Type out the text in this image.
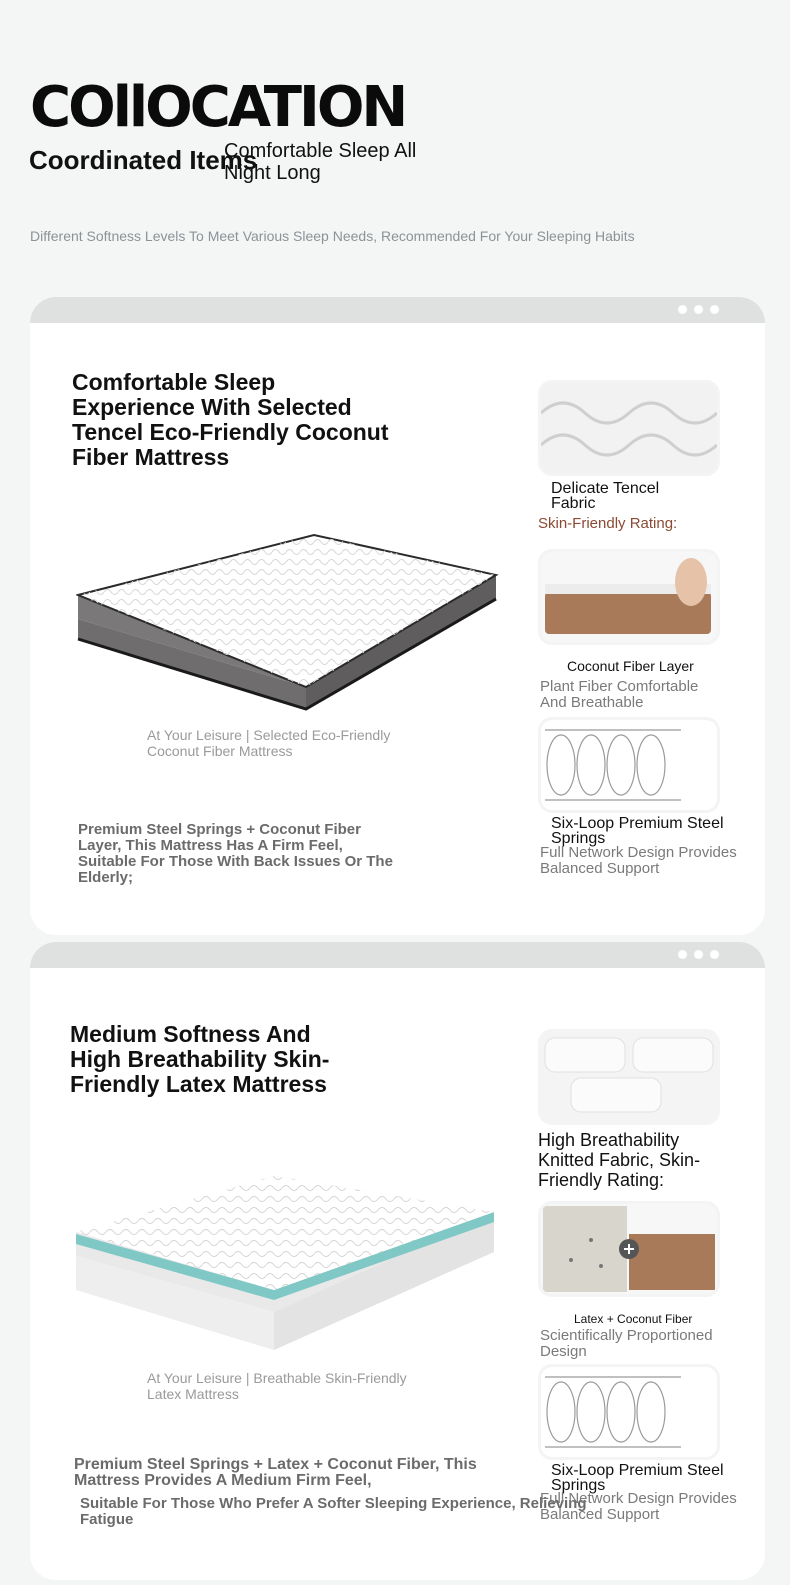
COllOCATION
Coordinated Items
Comfortable Sleep All Night Long
Different Softness Levels To Meet Various Sleep Needs, Recommended For Your Sleeping Habits
Comfortable Sleep Experience With Selected Tencel Eco-Friendly Coconut Fiber Mattress
At Your Leisure | Selected Eco-Friendly Coconut Fiber Mattress
Premium Steel Springs + Coconut Fiber Layer, This Mattress Has A Firm Feel, Suitable For Those With Back Issues Or The Elderly;
Delicate Tencel Fabric
Skin-Friendly Rating:
Coconut Fiber Layer
Plant Fiber Comfortable And Breathable
Six-Loop Premium Steel Springs
Full Network Design Provides Balanced Support
Medium Softness And High Breathability Skin-Friendly Latex Mattress
At Your Leisure | Breathable Skin-Friendly Latex Mattress
Premium Steel Springs + Latex + Coconut Fiber, This Mattress Provides A Medium Firm Feel,
Suitable For Those Who Prefer A Softer Sleeping Experience, Relieving Fatigue
High Breathability Knitted Fabric, Skin-Friendly Rating:
Latex + Coconut Fiber
Scientifically Proportioned Design
Six-Loop Premium Steel Springs
Full Network Design Provides Balanced Support
